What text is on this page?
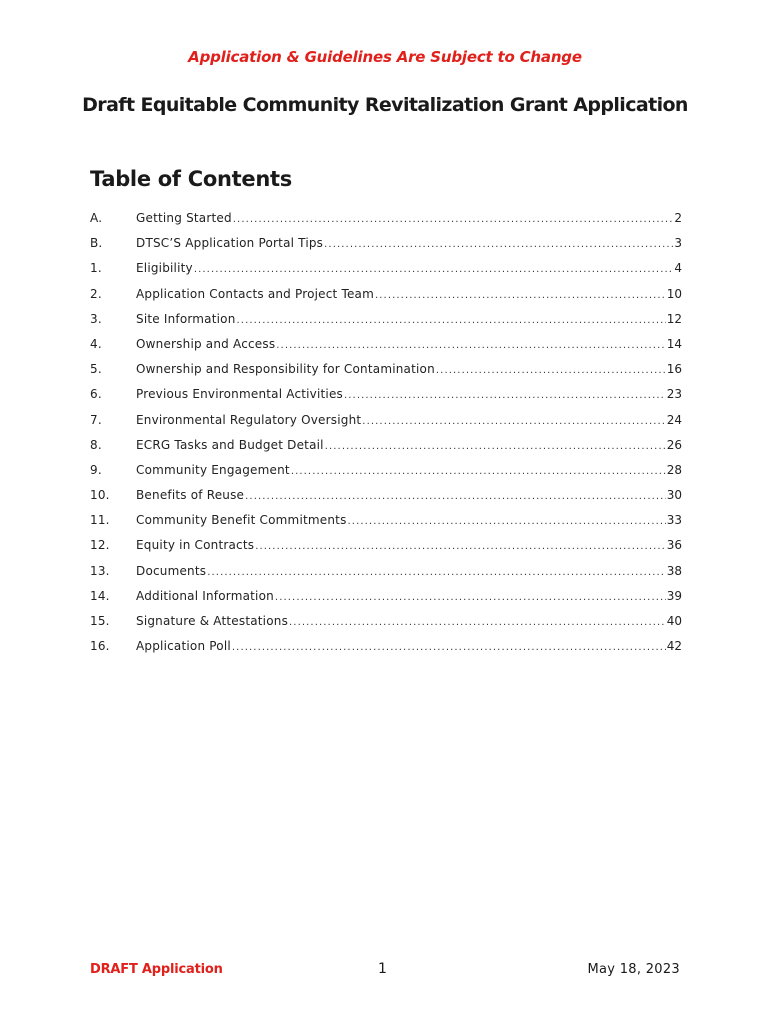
Application & Guidelines Are Subject to Change
Draft Equitable Community Revitalization Grant Application
Table of Contents
A.	Getting Started .....	2
B.	DTSC’S Application Portal Tips .....	3
1.	Eligibility .....	4
2.	Application Contacts and Project Team .....	10
3.	Site Information .....	12
4.	Ownership and Access .....	14
5.	Ownership and Responsibility for Contamination .....	16
6.	Previous Environmental Activities .....	23
7.	Environmental Regulatory Oversight .....	24
8.	ECRG Tasks and Budget Detail .....	26
9.	Community Engagement .....	28
10.	Benefits of Reuse .....	30
11.	Community Benefit Commitments .....	33
12.	Equity in Contracts .....	36
13.	Documents .....	38
14.	Additional Information .....	39
15.	Signature & Attestations .....	40
16.	Application Poll .....	42
DRAFT Application	1	May 18, 2023
